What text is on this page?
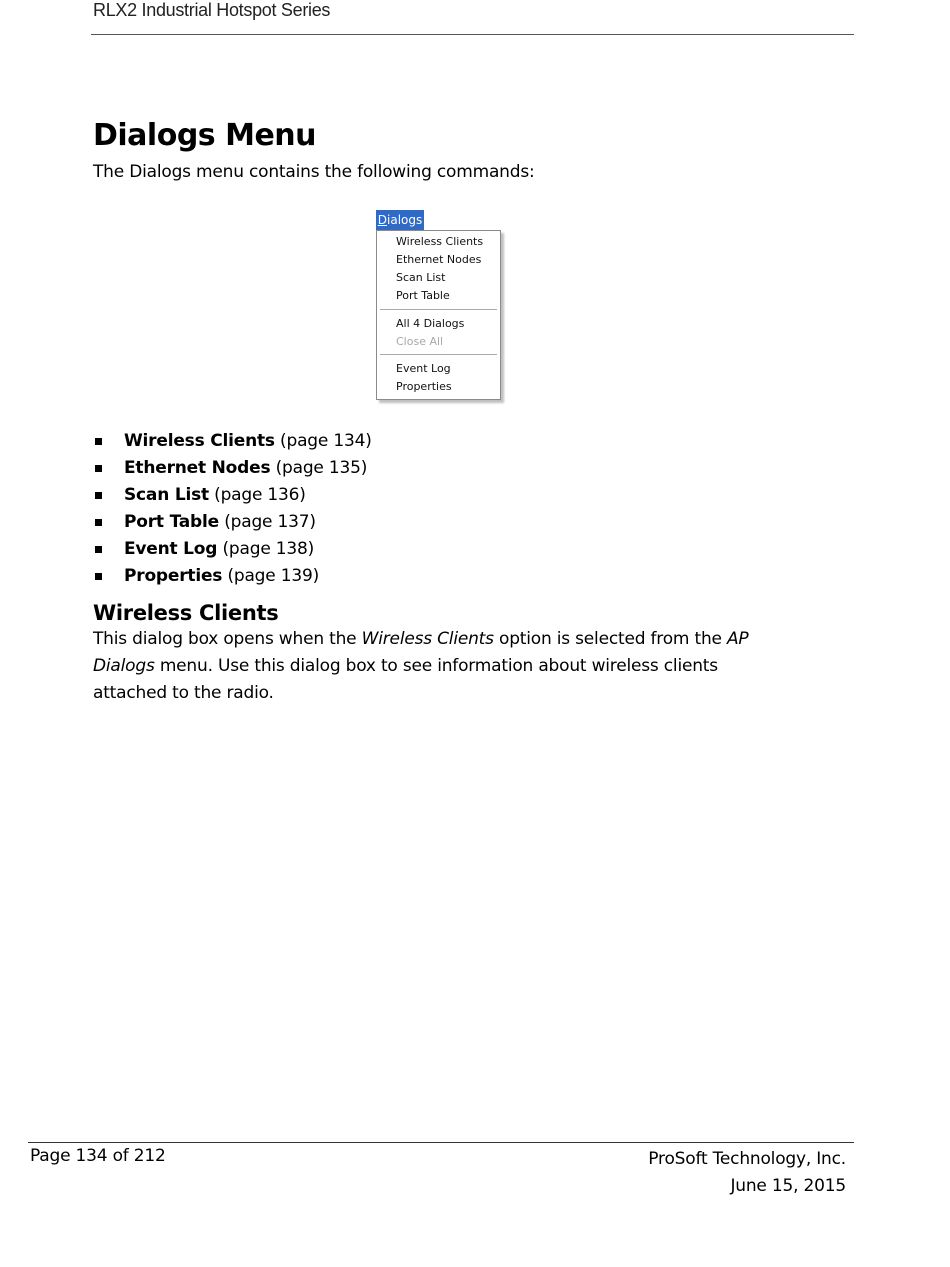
RLX2 Industrial Hotspot Series
Dialogs Menu
The Dialogs menu contains the following commands:
Dialogs
Wireless Clients
Ethernet Nodes
Scan List
Port Table
All 4 Dialogs
Close All
Event Log
Properties
Wireless Clients (page 134)
Ethernet Nodes (page 135)
Scan List (page 136)
Port Table (page 137)
Event Log (page 138)
Properties (page 139)
Wireless Clients
This dialog box opens when the Wireless Clients option is selected from the AP Dialogs menu. Use this dialog box to see information about wireless clients attached to the radio.
Page 134 of 212	ProSoft Technology, Inc.
June 15, 2015
